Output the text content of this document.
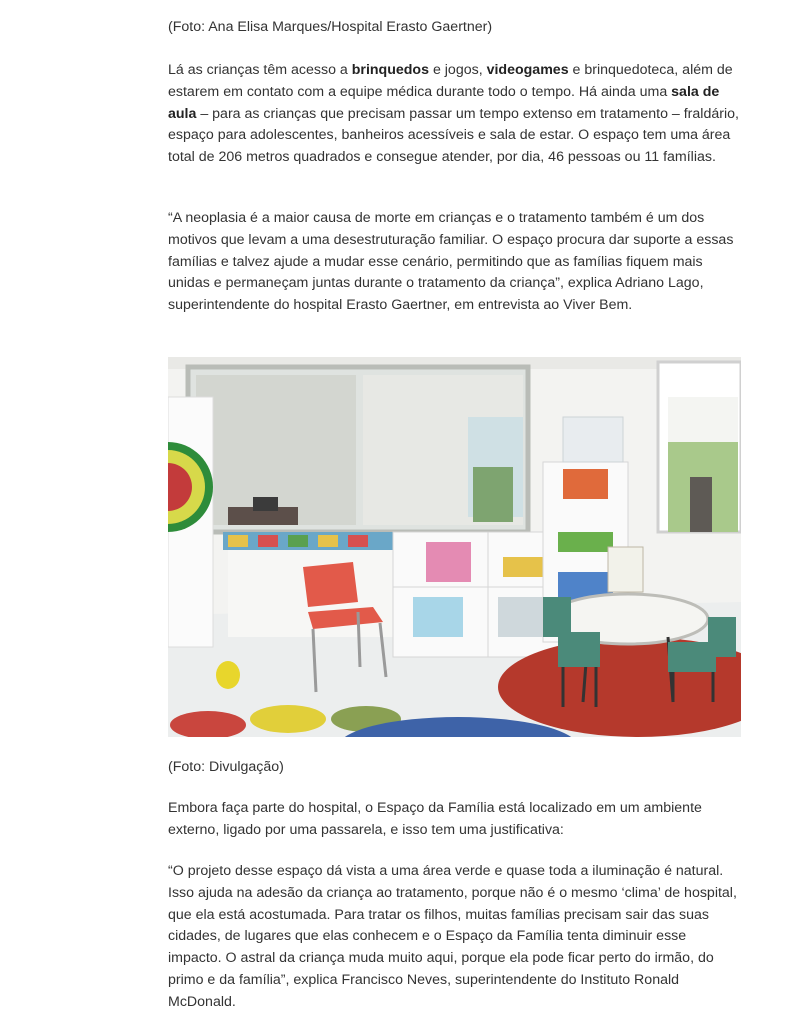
(Foto: Ana Elisa Marques/Hospital Erasto Gaertner)

Lá as crianças têm acesso a brinquedos e jogos, videogames e brinquedoteca, além de estarem em contato com a equipe médica durante todo o tempo. Há ainda uma sala de aula – para as crianças que precisam passar um tempo extenso em tratamento – fraldário, espaço para adolescentes, banheiros acessíveis e sala de estar. O espaço tem uma área total de 206 metros quadrados e consegue atender, por dia, 46 pessoas ou 11 famílias.

“A neoplasia é a maior causa de morte em crianças e o tratamento também é um dos motivos que levam a uma desestruturação familiar. O espaço procura dar suporte a essas famílias e talvez ajude a mudar esse cenário, permitindo que as famílias fiquem mais unidas e permaneçam juntas durante o tratamento da criança”, explica Adriano Lago, superintendente do hospital Erasto Gaertner, em entrevista ao Viver Bem.

(Foto: Divulgação)

Embora faça parte do hospital, o Espaço da Família está localizado em um ambiente externo, ligado por uma passarela, e isso tem uma justificativa:

“O projeto desse espaço dá vista a uma área verde e quase toda a iluminação é natural. Isso ajuda na adesão da criança ao tratamento, porque não é o mesmo ‘clima’ de hospital, que ela está acostumada. Para tratar os filhos, muitas famílias precisam sair das suas cidades, de lugares que elas conhecem e o Espaço da Família tenta diminuir esse impacto. O astral da criança muda muito aqui, porque ela pode ficar perto do irmão, do primo e da família”, explica Francisco Neves, superintendente do Instituto Ronald McDonald.
